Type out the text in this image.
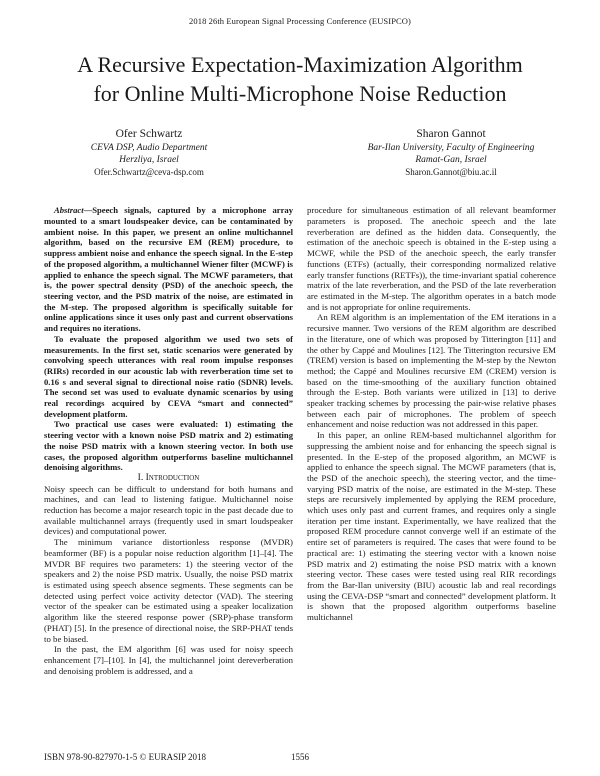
2018 26th European Signal Processing Conference (EUSIPCO)
A Recursive Expectation-Maximization Algorithm
for Online Multi-Microphone Noise Reduction
Ofer Schwartz
CEVA DSP, Audio Department
Herzliya, Israel
Ofer.Schwartz@ceva-dsp.com
Sharon Gannot
Bar-Ilan University, Faculty of Engineering
Ramat-Gan, Israel
Sharon.Gannot@biu.ac.il

Abstract—Speech signals, captured by a microphone array mounted to a smart loudspeaker device, can be contaminated by ambient noise. In this paper, we present an online multichannel algorithm, based on the recursive EM (REM) procedure, to suppress ambient noise and enhance the speech signal. In the E-step of the proposed algorithm, a multichannel Wiener filter (MCWF) is applied to enhance the speech signal. The MCWF parameters, that is, the power spectral density (PSD) of the anechoic speech, the steering vector, and the PSD matrix of the noise, are estimated in the M-step. The proposed algorithm is specifically suitable for online applications since it uses only past and current observations and requires no iterations.

To evaluate the proposed algorithm we used two sets of measurements. In the first set, static scenarios were generated by convolving speech utterances with real room impulse responses (RIRs) recorded in our acoustic lab with reverberation time set to 0.16 s and several signal to directional noise ratio (SDNR) levels. The second set was used to evaluate dynamic scenarios by using real recordings acquired by CEVA “smart and connected” development platform.

Two practical use cases were evaluated: 1) estimating the steering vector with a known noise PSD matrix and 2) estimating the noise PSD matrix with a known steering vector. In both use cases, the proposed algorithm outperforms baseline multichannel denoising algorithms.

I. Introduction

Noisy speech can be difficult to understand for both humans and machines, and can lead to listening fatigue. Multichannel noise reduction has become a major research topic in the past decade due to available multichannel arrays (frequently used in smart loudspeaker devices) and computational power.

The minimum variance distortionless response (MVDR) beamformer (BF) is a popular noise reduction algorithm [1]–[4]. The MVDR BF requires two parameters: 1) the steering vector of the speakers and 2) the noise PSD matrix. Usually, the noise PSD matrix is estimated using speech absence segments. These segments can be detected using perfect voice activity detector (VAD). The steering vector of the speaker can be estimated using a speaker localization algorithm like the steered response power (SRP)-phase transform (PHAT) [5]. In the presence of directional noise, the SRP-PHAT tends to be biased.

In the past, the EM algorithm [6] was used for noisy speech enhancement [7]–[10]. In [4], the multichannel joint dereverberation and denoising problem is addressed, and a

procedure for simultaneous estimation of all relevant beamformer parameters is proposed. The anechoic speech and the late reverberation are defined as the hidden data. Consequently, the estimation of the anechoic speech is obtained in the E-step using a MCWF, while the PSD of the anechoic speech, the early transfer functions (ETFs) (actually, their corresponding normalized relative early transfer functions (RETFs)), the time-invariant spatial coherence matrix of the late reverberation, and the PSD of the late reverberation are estimated in the M-step. The algorithm operates in a batch mode and is not appropriate for online requirements.

An REM algorithm is an implementation of the EM iterations in a recursive manner. Two versions of the REM algorithm are described in the literature, one of which was proposed by Titterington [11] and the other by Cappé and Moulines [12]. The Titterington recursive EM (TREM) version is based on implementing the M-step by the Newton method; the Cappé and Moulines recursive EM (CREM) version is based on the time-smoothing of the auxiliary function obtained through the E-step. Both variants were utilized in [13] to derive speaker tracking schemes by processing the pair-wise relative phases between each pair of microphones. The problem of speech enhancement and noise reduction was not addressed in this paper.

In this paper, an online REM-based multichannel algorithm for suppressing the ambient noise and for enhancing the speech signal is presented. In the E-step of the proposed algorithm, an MCWF is applied to enhance the speech signal. The MCWF parameters (that is, the PSD of the anechoic speech), the steering vector, and the time-varying PSD matrix of the noise, are estimated in the M-step. These steps are recursively implemented by applying the REM procedure, which uses only past and current frames, and requires only a single iteration per time instant. Experimentally, we have realized that the proposed REM procedure cannot converge well if an estimate of the entire set of parameters is required. The cases that were found to be practical are: 1) estimating the steering vector with a known noise PSD matrix and 2) estimating the noise PSD matrix with a known steering vector. These cases were tested using real RIR recordings from the Bar-Ilan university (BIU) acoustic lab and real recordings using the CEVA-DSP “smart and connected” development platform. It is shown that the proposed algorithm outperforms baseline multichannel

ISBN 978-90-827970-1-5 © EURASIP 2018	1556
